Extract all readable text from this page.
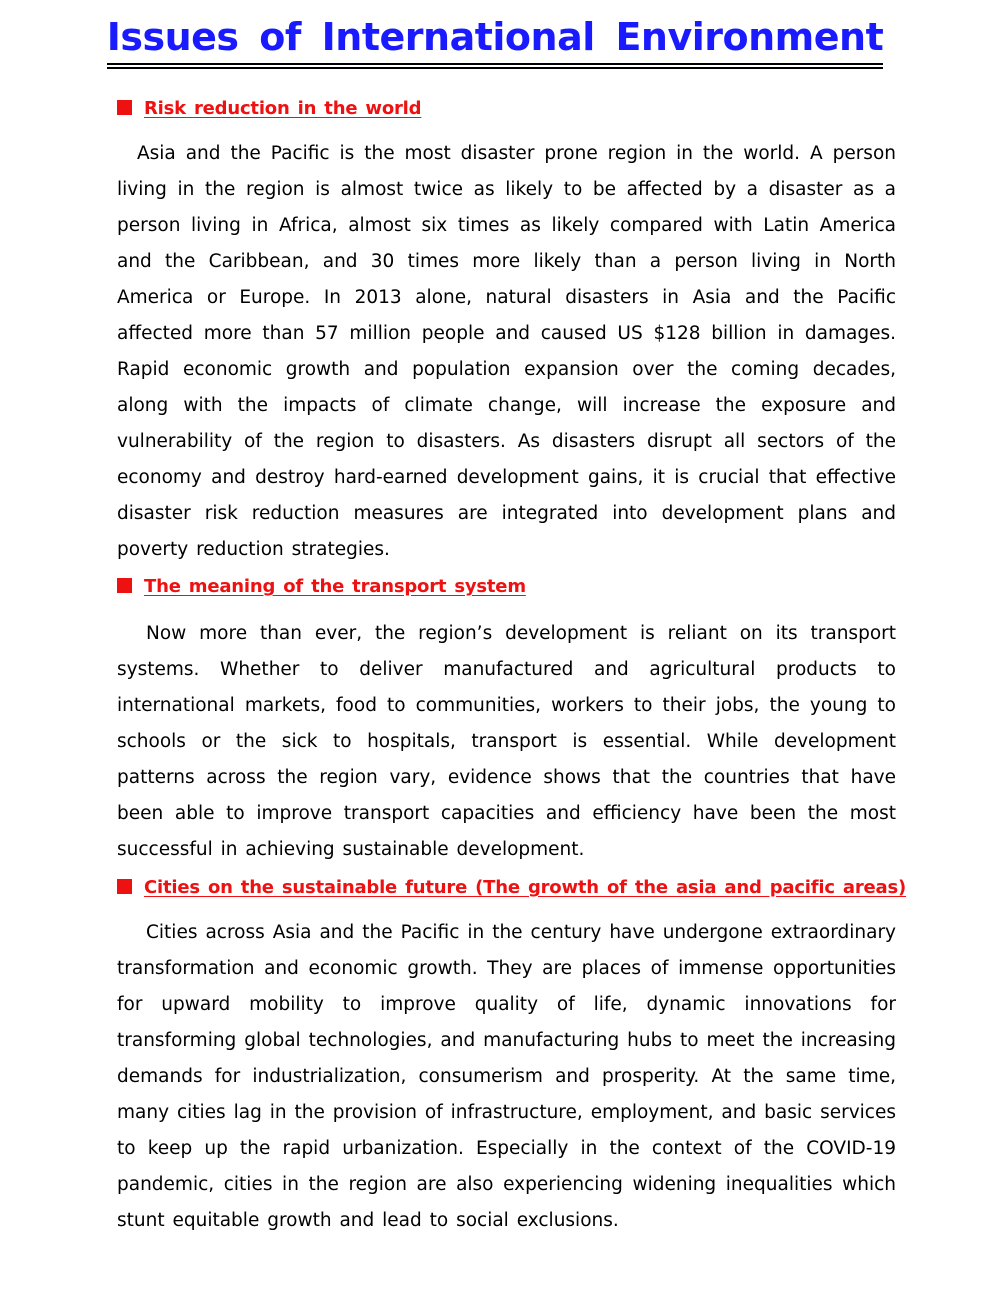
Issues of International Environment
Risk reduction in the world

Asia and the Pacific is the most disaster prone region in the world. A person living in the region is almost twice as likely to be affected by a disaster as a person living in Africa, almost six times as likely compared with Latin America and the Caribbean, and 30 times more likely than a person living in North America or Europe. In 2013 alone, natural disasters in Asia and the Pacific affected more than 57 million people and caused US $128 billion in damages. Rapid economic growth and population expansion over the coming decades, along with the impacts of climate change, will increase the exposure and vulnerability of the region to disasters. As disasters disrupt all sectors of the economy and destroy hard-earned development gains, it is crucial that effective disaster risk reduction measures are integrated into development plans and poverty reduction strategies.

The meaning of the transport system

Now more than ever, the region’s development is reliant on its transport systems. Whether to deliver manufactured and agricultural products to international markets, food to communities, workers to their jobs, the young to schools or the sick to hospitals, transport is essential. While development patterns across the region vary, evidence shows that the countries that have been able to improve transport capacities and efficiency have been the most successful in achieving sustainable development.

Cities on the sustainable future (The growth of the asia and pacific areas)

Cities across Asia and the Pacific in the century have undergone extraordinary transformation and economic growth. They are places of immense opportunities for upward mobility to improve quality of life, dynamic innovations for transforming global technologies, and manufacturing hubs to meet the increasing demands for industrialization, consumerism and prosperity. At the same time, many cities lag in the provision of infrastructure, employment, and basic services to keep up the rapid urbanization. Especially in the context of the COVID-19 pandemic, cities in the region are also experiencing widening inequalities which stunt equitable growth and lead to social exclusions.
